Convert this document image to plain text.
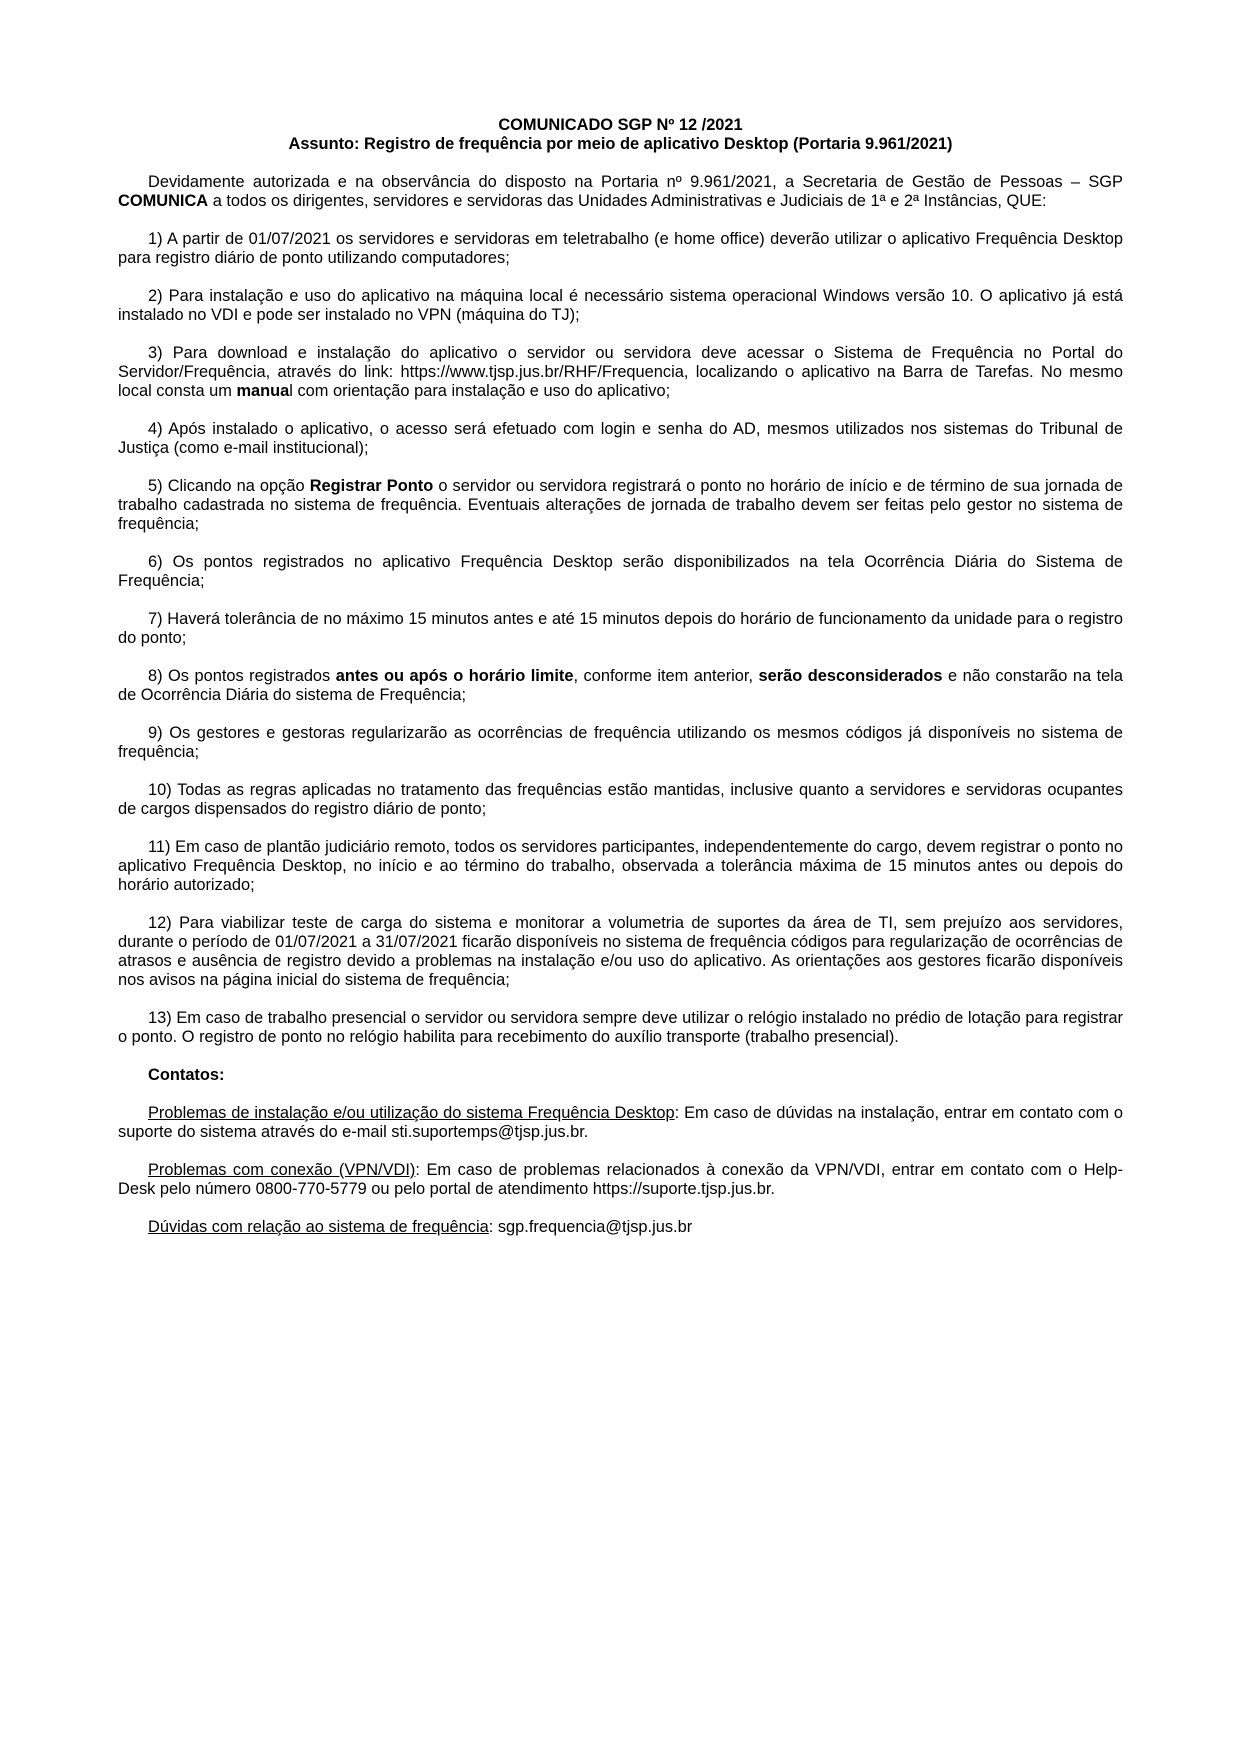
COMUNICADO SGP Nº 12 /2021

Assunto: Registro de frequência por meio de aplicativo Desktop (Portaria 9.961/2021)

Devidamente autorizada e na observância do disposto na Portaria nº 9.961/2021, a Secretaria de Gestão de Pessoas – SGP COMUNICA a todos os dirigentes, servidores e servidoras das Unidades Administrativas e Judiciais de 1ª e 2ª Instâncias, QUE:

1) A partir de 01/07/2021 os servidores e servidoras em teletrabalho (e home office) deverão utilizar o aplicativo Frequência Desktop para registro diário de ponto utilizando computadores;

2) Para instalação e uso do aplicativo na máquina local é necessário sistema operacional Windows versão 10. O aplicativo já está instalado no VDI e pode ser instalado no VPN (máquina do TJ);

3) Para download e instalação do aplicativo o servidor ou servidora deve acessar o Sistema de Frequência no Portal do Servidor/Frequência, através do link: https://www.tjsp.jus.br/RHF/Frequencia, localizando o aplicativo na Barra de Tarefas. No mesmo local consta um manual com orientação para instalação e uso do aplicativo;

4) Após instalado o aplicativo, o acesso será efetuado com login e senha do AD, mesmos utilizados nos sistemas do Tribunal de Justiça (como e-mail institucional);

5) Clicando na opção Registrar Ponto o servidor ou servidora registrará o ponto no horário de início e de término de sua jornada de trabalho cadastrada no sistema de frequência. Eventuais alterações de jornada de trabalho devem ser feitas pelo gestor no sistema de frequência;

6) Os pontos registrados no aplicativo Frequência Desktop serão disponibilizados na tela Ocorrência Diária do Sistema de Frequência;

7) Haverá tolerância de no máximo 15 minutos antes e até 15 minutos depois do horário de funcionamento da unidade para o registro do ponto;

8) Os pontos registrados antes ou após o horário limite, conforme item anterior, serão desconsiderados e não constarão na tela de Ocorrência Diária do sistema de Frequência;

9) Os gestores e gestoras regularizarão as ocorrências de frequência utilizando os mesmos códigos já disponíveis no sistema de frequência;

10) Todas as regras aplicadas no tratamento das frequências estão mantidas, inclusive quanto a servidores e servidoras ocupantes de cargos dispensados do registro diário de ponto;

11) Em caso de plantão judiciário remoto, todos os servidores participantes, independentemente do cargo, devem registrar o ponto no aplicativo Frequência Desktop, no início e ao término do trabalho, observada a tolerância máxima de 15 minutos antes ou depois do horário autorizado;

12) Para viabilizar teste de carga do sistema e monitorar a volumetria de suportes da área de TI, sem prejuízo aos servidores, durante o período de 01/07/2021 a 31/07/2021 ficarão disponíveis no sistema de frequência códigos para regularização de ocorrências de atrasos e ausência de registro devido a problemas na instalação e/ou uso do aplicativo. As orientações aos gestores ficarão disponíveis nos avisos na página inicial do sistema de frequência;

13) Em caso de trabalho presencial o servidor ou servidora sempre deve utilizar o relógio instalado no prédio de lotação para registrar o ponto. O registro de ponto no relógio habilita para recebimento do auxílio transporte (trabalho presencial).

Contatos:

Problemas de instalação e/ou utilização do sistema Frequência Desktop: Em caso de dúvidas na instalação, entrar em contato com o suporte do sistema através do e-mail sti.suportemps@tjsp.jus.br.

Problemas com conexão (VPN/VDI): Em caso de problemas relacionados à conexão da VPN/VDI, entrar em contato com o Help-Desk pelo número 0800-770-5779 ou pelo portal de atendimento https://suporte.tjsp.jus.br.

Dúvidas com relação ao sistema de frequência: sgp.frequencia@tjsp.jus.br
